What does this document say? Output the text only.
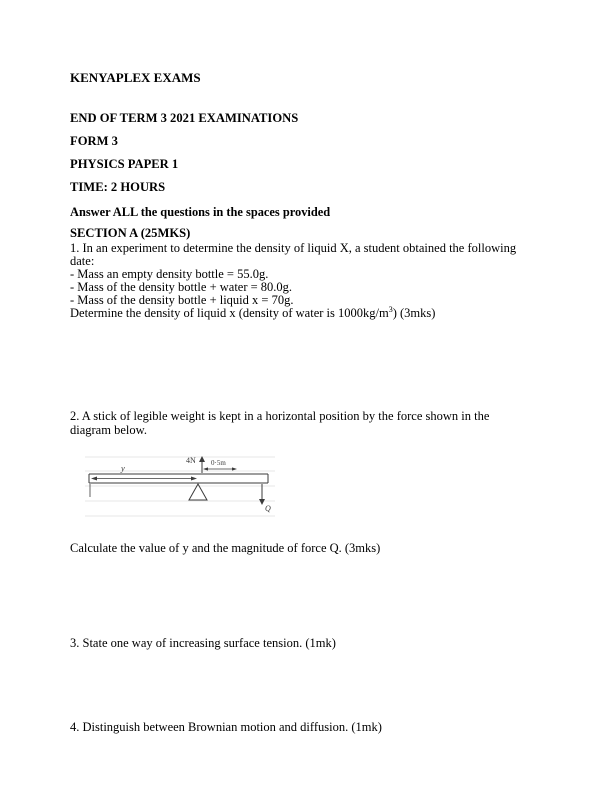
KENYAPLEX EXAMS
END OF TERM 3 2021 EXAMINATIONS
FORM 3
PHYSICS PAPER 1
TIME: 2 HOURS
Answer ALL the questions in the spaces provided
SECTION A (25MKS)
1. In an experiment to determine the density of liquid X, a student obtained the following date:
- Mass an empty density bottle = 55.0g.
- Mass of the density bottle + water = 80.0g.
- Mass of the density bottle + liquid x = 70g.
Determine the density of liquid x (density of water is $1000kg/m^3$) (3mks)
2. A stick of legible weight is kept in a horizontal position by the force shown in the diagram below.
y
4N 0·5m
Q
Calculate the value of y and the magnitude of force Q. (3mks)
3. State one way of increasing surface tension. (1mk)
4. Distinguish between Brownian motion and diffusion. (1mk)
